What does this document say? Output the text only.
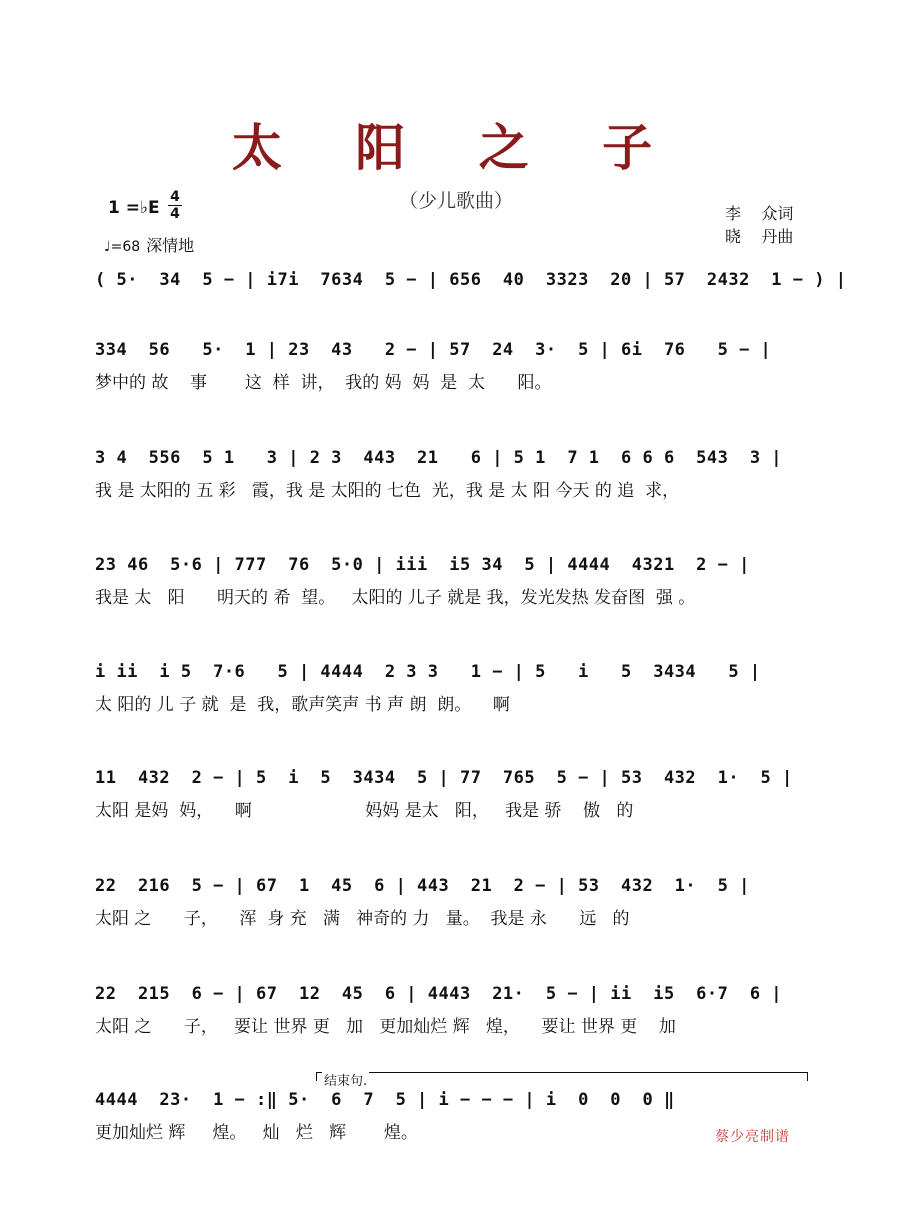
太 阳 之 子
（少儿歌曲）
1 =♭E
4
4
♩=68 深情地
李    众词
晓    丹曲
( 5·  34  5 − | i7i  7634  5 − | 656  40  3323  20 | 57  2432  1 − ) |
334  56   5·  1 | 23  43   2 − | 57  24  3·  5 | 6i  76   5 − |
梦中的 故    事       这  样  讲，  我的 妈  妈  是  太      阳。
3 4  556  5 1   3 | 2 3  443  21   6 | 5 1  7 1  6 6 6  543  3 |
我 是 太阳的 五 彩   霞，我 是 太阳的 七色  光，我 是 太 阳 今天 的 追  求，
23 46  5·6 | 777  76  5·0 | iii  i5 34  5 | 4444  4321  2 − |
我是 太   阳      明天的 希  望。   太阳的 儿子 就是 我，发光发热 发奋图  强 。
i ii  i 5  7·6   5 | 4444  2 3 3   1 − | 5   i   5  3434   5 |
太 阳的 儿 子 就  是  我，歌声笑声 书 声 朗  朗。    啊
11  432  2 − | 5  i  5  3434  5 | 77  765  5 − | 53  432  1·  5 |
太阳 是妈  妈，    啊                     妈妈 是太   阳，   我是 骄    傲   的
22  216  5 − | 67  1  45  6 | 443  21  2 − | 53  432  1·  5 |
太阳 之      子，    浑  身 充   满   神奇的 力   量。  我是 永      远   的
22  215  6 − | 67  12  45  6 | 4443  21·  5 − | ii  i5  6·7  6 |
太阳 之      子，   要让 世界 更   加   更加灿烂 辉   煌，    要让 世界 更    加
结束句.
4444  23·  1 − :‖ 5·  6  7  5 | i − − − | i  0  0  0 ‖
更加灿烂 辉     煌。   灿   烂   辉       煌。	蔡少亮制谱
